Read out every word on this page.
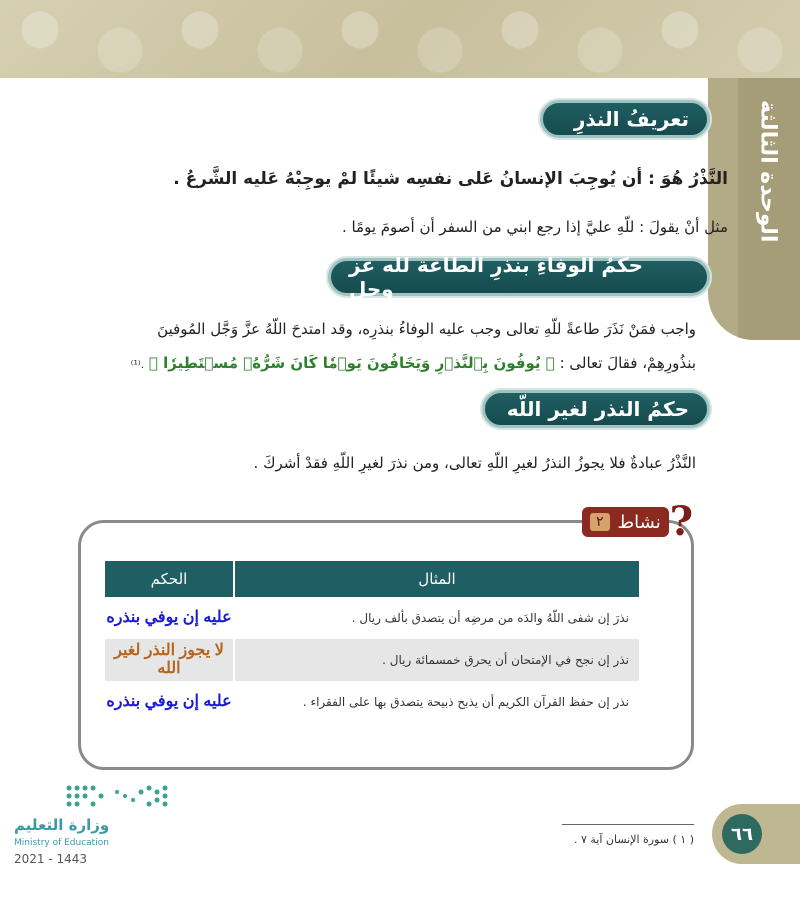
الوحدة الثالثة
تعريفُ النذرِ
النَّذْرُ هُوَ : أن يُوجِبَ الإنسانُ عَلى نفسِه شيئًا لمْ يوجِبْهُ عَليه الشَّرعُ .
مثل أنْ يقولَ : للّهِ عليَّ إذا رجع ابني من السفر أن أصومَ يومًا .
حكمُ الوفاءِ بنذرِ الطاعة للّه عز وجل
واجب فمَنْ نَذَرَ طاعةً للّهِ تعالى وجب عليه الوفاءُ بنذرِه، وقد امتدحَ اللّهُ عزَّ وَجَّل المُوفينَ
بنذُورِهِمْ، فقالَ تعالى : ﴿ يُوفُونَ بِٱلنَّذۡرِ وَيَخَافُونَ يَوۡمٗا كَانَ شَرُّهُۥ مُسۡتَطِيرٗا ﴾ .⁽¹⁾
حكمُ النذر لغير اللّه
النَّذْرُ عبادةٌ فلا يجوزُ النذرُ لغيرِ اللّهِ تعالى، ومن نذرَ لغيرِ اللّهِ فقدْ أشركَ .
?
نشاط
٢
المثال	الحكم
نذرَ إن شفى اللّهُ والدَه من مرضِه أن يتصدق بألف ريال .	عليه إن يوفي بنذره
نذر إن نجح في الإمتحان أن يحرق خمسمائة ريال .	لا يجوز النذر لغير الله
نذر إن حفظ القرآن الكريم أن يذبح ذبيحة يتصدق بها على الفقراء .	عليه إن يوفي بنذره
( ١ ) سورة الإنسان آية ٧ .	٦٦
وزارة التعليم
Ministry of Education
2021 - 1443
